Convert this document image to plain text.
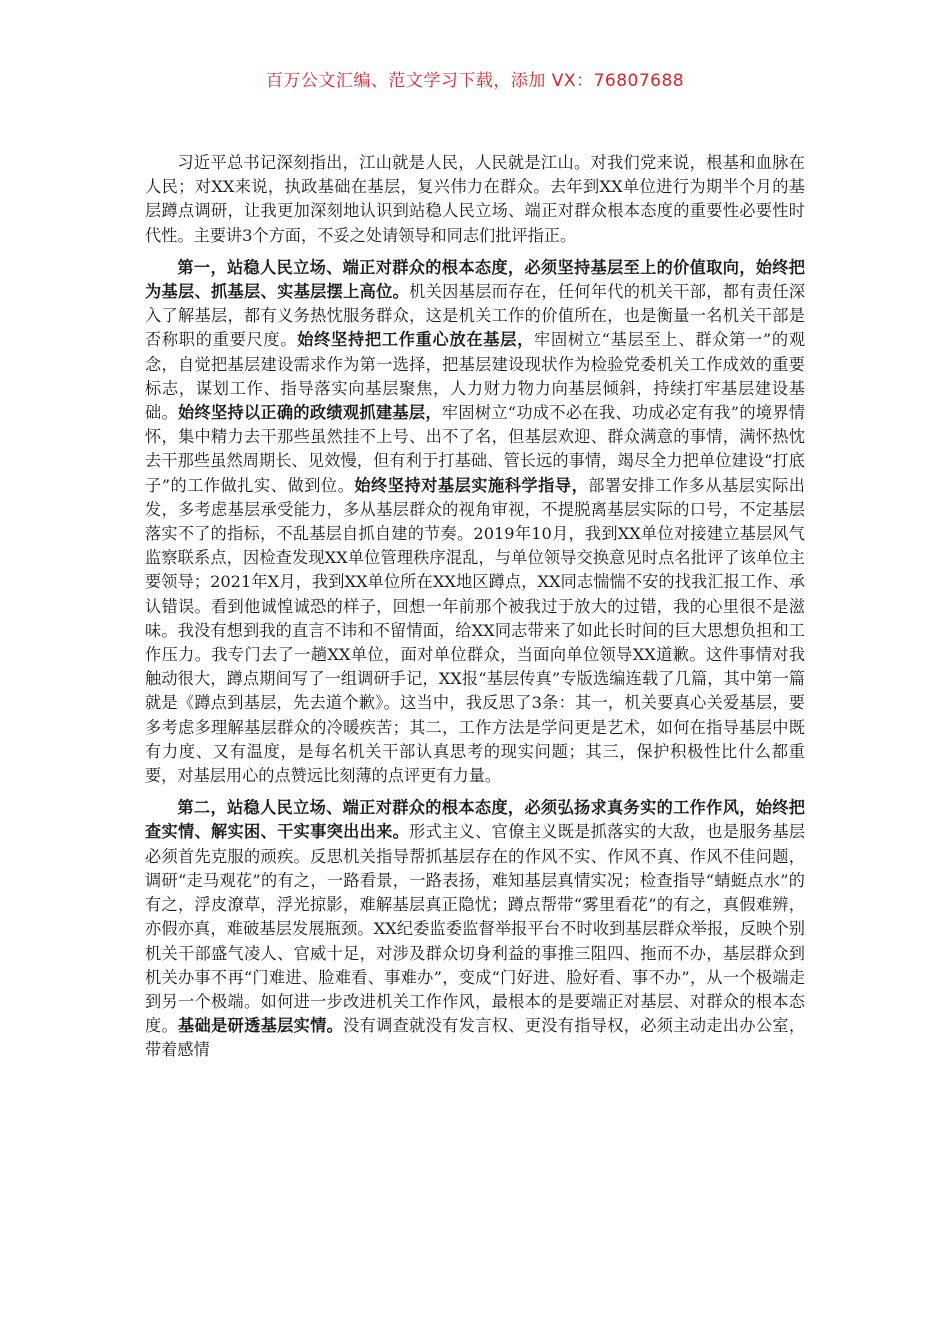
百万公文汇编、范文学习下载，添加 VX：76807688

习近平总书记深刻指出，江山就是人民，人民就是江山。对我们党来说，根基和血脉在人民；对XX来说，执政基础在基层，复兴伟力在群众。去年到XX单位进行为期半个月的基层蹲点调研，让我更加深刻地认识到站稳人民立场、端正对群众根本态度的重要性必要性时代性。主要讲3个方面，不妥之处请领导和同志们批评指正。

第一，站稳人民立场、端正对群众的根本态度，必须坚持基层至上的价值取向，始终把为基层、抓基层、实基层摆上高位。机关因基层而存在，任何年代的机关干部，都有责任深入了解基层，都有义务热忱服务群众，这是机关工作的价值所在，也是衡量一名机关干部是否称职的重要尺度。始终坚持把工作重心放在基层，牢固树立“基层至上、群众第一”的观念，自觉把基层建设需求作为第一选择，把基层建设现状作为检验党委机关工作成效的重要标志，谋划工作、指导落实向基层聚焦，人力财力物力向基层倾斜，持续打牢基层建设基础。始终坚持以正确的政绩观抓建基层，牢固树立“功成不必在我、功成必定有我”的境界情怀，集中精力去干那些虽然挂不上号、出不了名，但基层欢迎、群众满意的事情，满怀热忱去干那些虽然周期长、见效慢，但有利于打基础、管长远的事情，竭尽全力把单位建设“打底子”的工作做扎实、做到位。始终坚持对基层实施科学指导，部署安排工作多从基层实际出发，多考虑基层承受能力，多从基层群众的视角审视，不提脱离基层实际的口号，不定基层落实不了的指标，不乱基层自抓自建的节奏。2019年10月，我到XX单位对接建立基层风气监察联系点，因检查发现XX单位管理秩序混乱，与单位领导交换意见时点名批评了该单位主要领导；2021年X月，我到XX单位所在XX地区蹲点，XX同志惴惴不安的找我汇报工作、承认错误。看到他诚惶诚恐的样子，回想一年前那个被我过于放大的过错，我的心里很不是滋味。我没有想到我的直言不讳和不留情面，给XX同志带来了如此长时间的巨大思想负担和工作压力。我专门去了一趟XX单位，面对单位群众，当面向单位领导XX道歉。这件事情对我触动很大，蹲点期间写了一组调研手记，XX报“基层传真”专版选编连载了几篇，其中第一篇就是《蹲点到基层，先去道个歉》。这当中，我反思了3条：其一，机关要真心关爱基层，要多考虑多理解基层群众的冷暖疾苦；其二，工作方法是学问更是艺术，如何在指导基层中既有力度、又有温度，是每名机关干部认真思考的现实问题；其三，保护积极性比什么都重要，对基层用心的点赞远比刻薄的点评更有力量。

第二，站稳人民立场、端正对群众的根本态度，必须弘扬求真务实的工作作风，始终把查实情、解实困、干实事突出出来。形式主义、官僚主义既是抓落实的大敌，也是服务基层必须首先克服的顽疾。反思机关指导帮抓基层存在的作风不实、作风不真、作风不佳问题，调研“走马观花”的有之，一路看景，一路表扬，难知基层真情实况；检查指导“蜻蜓点水”的有之，浮皮潦草，浮光掠影，难解基层真正隐忧；蹲点帮带“雾里看花”的有之，真假难辨，亦假亦真，难破基层发展瓶颈。XX纪委监委监督举报平台不时收到基层群众举报，反映个别机关干部盛气凌人、官威十足，对涉及群众切身利益的事推三阻四、拖而不办，基层群众到机关办事不再“门难进、脸难看、事难办”，变成“门好进、脸好看、事不办”，从一个极端走到另一个极端。如何进一步改进机关工作作风，最根本的是要端正对基层、对群众的根本态度。基础是研透基层实情。没有调查就没有发言权、更没有指导权，必须主动走出办公室，带着感情
